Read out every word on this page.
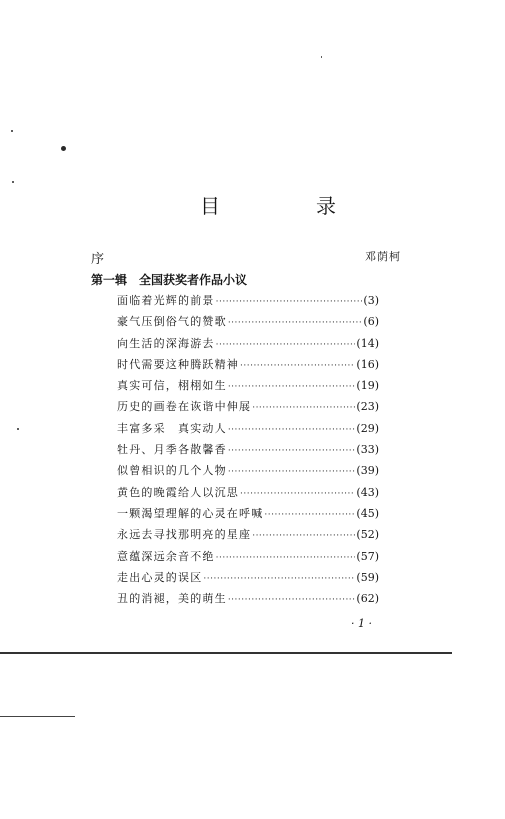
目　录
序	邓荫柯
第一辑 全国获奖者作品小议
面临着光辉的前景 ·····	(3)
豪气压倒俗气的赞歌 ·····	(6)
向生活的深海游去 ·····	(14)
时代需要这种腾跃精神 ·····	(16)
真实可信，栩栩如生 ·····	(19)
历史的画卷在诙谐中伸展 ·····	(23)
丰富多采　真实动人 ·····	(29)
牡丹、月季各散馨香 ·····	(33)
似曾相识的几个人物 ·····	(39)
黄色的晚霞给人以沉思 ·····	(43)
一颗渴望理解的心灵在呼喊 ·····	(45)
永远去寻找那明亮的星座 ·····	(52)
意蕴深远余音不绝 ·····	(57)
走出心灵的误区 ·····	(59)
丑的消褪，美的萌生 ·····	(62)
· 1 ·
